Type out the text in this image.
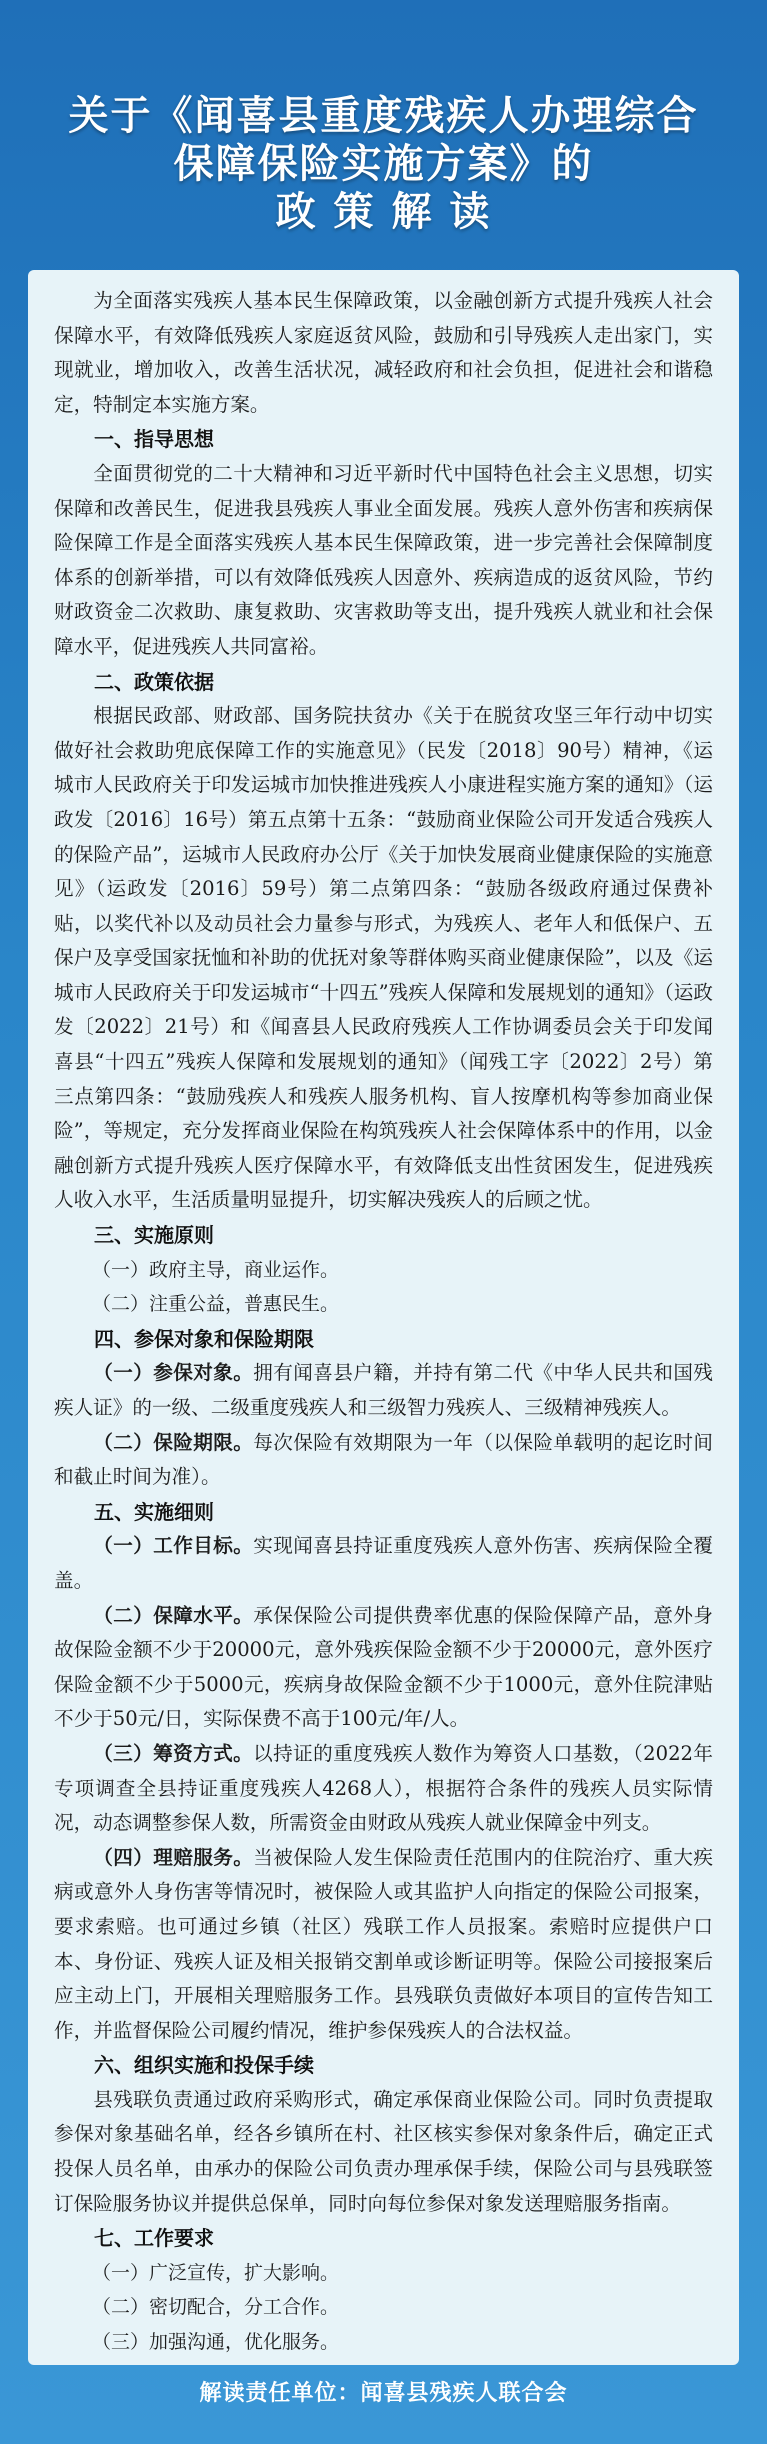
关于《闻喜县重度残疾人办理综合
保障保险实施方案》的
政 策 解 读

为全面落实残疾人基本民生保障政策，以金融创新方式提升残疾人社会保障水平，有效降低残疾人家庭返贫风险，鼓励和引导残疾人走出家门，实现就业，增加收入，改善生活状况，减轻政府和社会负担，促进社会和谐稳定，特制定本实施方案。

一、指导思想

全面贯彻党的二十大精神和习近平新时代中国特色社会主义思想，切实保障和改善民生，促进我县残疾人事业全面发展。残疾人意外伤害和疾病保险保障工作是全面落实残疾人基本民生保障政策，进一步完善社会保障制度体系的创新举措，可以有效降低残疾人因意外、疾病造成的返贫风险，节约财政资金二次救助、康复救助、灾害救助等支出，提升残疾人就业和社会保障水平，促进残疾人共同富裕。

二、政策依据

根据民政部、财政部、国务院扶贫办《关于在脱贫攻坚三年行动中切实做好社会救助兜底保障工作的实施意见》（民发〔2018〕90号）精神，《运城市人民政府关于印发运城市加快推进残疾人小康进程实施方案的通知》（运政发〔2016〕16号）第五点第十五条：“鼓励商业保险公司开发适合残疾人的保险产品”，运城市人民政府办公厅《关于加快发展商业健康保险的实施意见》（运政发〔2016〕59号）第二点第四条：“鼓励各级政府通过保费补贴，以奖代补以及动员社会力量参与形式，为残疾人、老年人和低保户、五保户及享受国家抚恤和补助的优抚对象等群体购买商业健康保险”，以及《运城市人民政府关于印发运城市“十四五”残疾人保障和发展规划的通知》（运政发〔2022〕21号）和《闻喜县人民政府残疾人工作协调委员会关于印发闻喜县“十四五”残疾人保障和发展规划的通知》（闻残工字〔2022〕2号）第三点第四条：“鼓励残疾人和残疾人服务机构、盲人按摩机构等参加商业保险”，等规定，充分发挥商业保险在构筑残疾人社会保障体系中的作用，以金融创新方式提升残疾人医疗保障水平，有效降低支出性贫困发生，促进残疾人收入水平，生活质量明显提升，切实解决残疾人的后顾之忧。

三、实施原则

（一）政府主导，商业运作。

（二）注重公益，普惠民生。

四、参保对象和保险期限

（一）参保对象。拥有闻喜县户籍，并持有第二代《中华人民共和国残疾人证》的一级、二级重度残疾人和三级智力残疾人、三级精神残疾人。

（二）保险期限。每次保险有效期限为一年（以保险单载明的起讫时间和截止时间为准）。

五、实施细则

（一）工作目标。实现闻喜县持证重度残疾人意外伤害、疾病保险全覆盖。

（二）保障水平。承保保险公司提供费率优惠的保险保障产品，意外身故保险金额不少于20000元，意外残疾保险金额不少于20000元，意外医疗保险金额不少于5000元，疾病身故保险金额不少于1000元，意外住院津贴不少于50元/日，实际保费不高于100元/年/人。

（三）筹资方式。以持证的重度残疾人数作为筹资人口基数，（2022年专项调查全县持证重度残疾人4268人），根据符合条件的残疾人员实际情况，动态调整参保人数，所需资金由财政从残疾人就业保障金中列支。

（四）理赔服务。当被保险人发生保险责任范围内的住院治疗、重大疾病或意外人身伤害等情况时，被保险人或其监护人向指定的保险公司报案，要求索赔。也可通过乡镇（社区）残联工作人员报案。索赔时应提供户口本、身份证、残疾人证及相关报销交割单或诊断证明等。保险公司接报案后应主动上门，开展相关理赔服务工作。县残联负责做好本项目的宣传告知工作，并监督保险公司履约情况，维护参保残疾人的合法权益。

六、组织实施和投保手续

县残联负责通过政府采购形式，确定承保商业保险公司。同时负责提取参保对象基础名单，经各乡镇所在村、社区核实参保对象条件后，确定正式投保人员名单，由承办的保险公司负责办理承保手续，保险公司与县残联签订保险服务协议并提供总保单，同时向每位参保对象发送理赔服务指南。

七、工作要求

（一）广泛宣传，扩大影响。

（二）密切配合，分工合作。

（三）加强沟通，优化服务。

解读责任单位：闻喜县残疾人联合会
